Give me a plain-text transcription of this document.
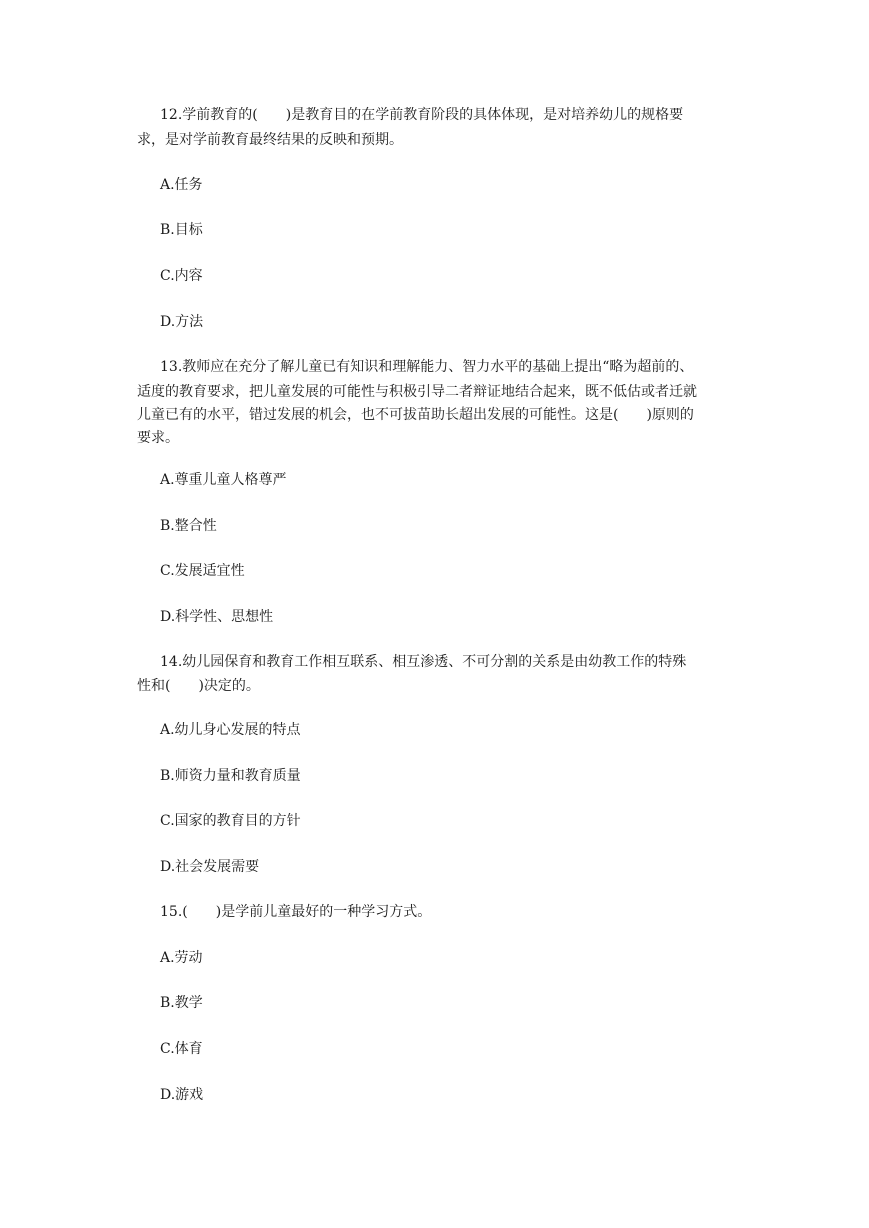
12.学前教育的(　　)是教育目的在学前教育阶段的具体体现，是对培养幼儿的规格要
求，是对学前教育最终结果的反映和预期。
A.任务
B.目标
C.内容
D.方法
13.教师应在充分了解儿童已有知识和理解能力、智力水平的基础上提出“略为超前的、
适度的教育要求，把儿童发展的可能性与积极引导二者辩证地结合起来，既不低估或者迁就
儿童已有的水平，错过发展的机会，也不可拔苗助长超出发展的可能性。这是(　　)原则的
要求。
A.尊重儿童人格尊严
B.整合性
C.发展适宜性
D.科学性、思想性
14.幼儿园保育和教育工作相互联系、相互渗透、不可分割的关系是由幼教工作的特殊
性和(　　)决定的。
A.幼儿身心发展的特点
B.师资力量和教育质量
C.国家的教育目的方针
D.社会发展需要
15.(　　)是学前儿童最好的一种学习方式。
A.劳动
B.教学
C.体育
D.游戏
